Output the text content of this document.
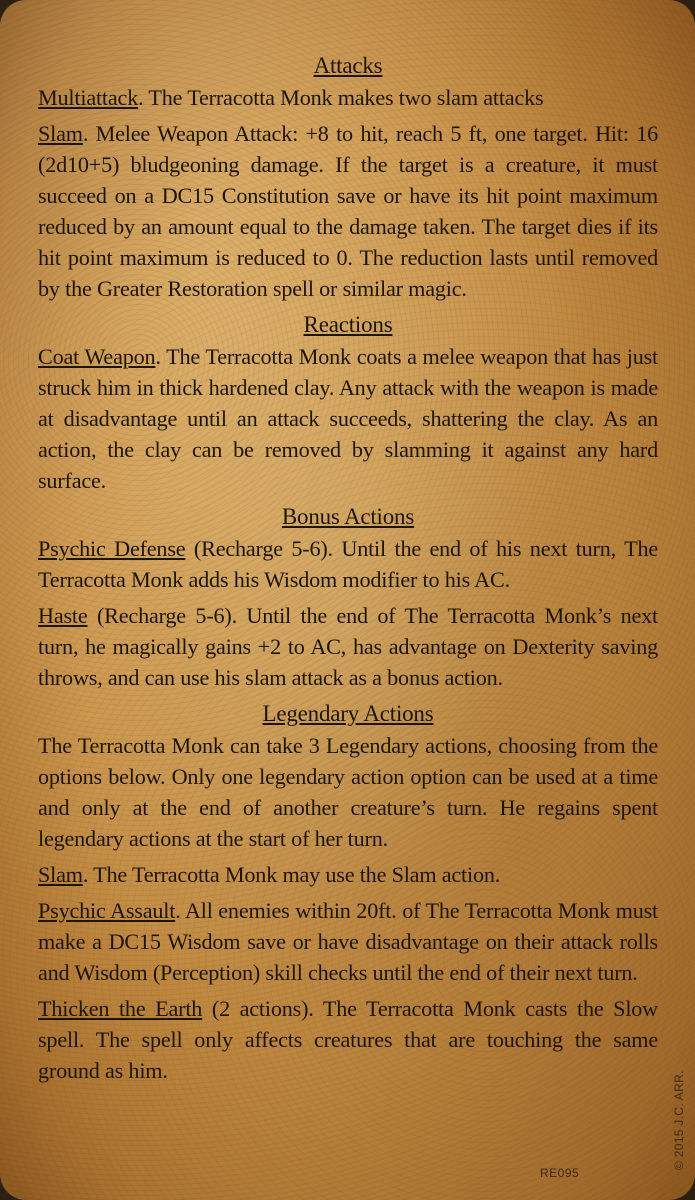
Attacks

Multiattack. The Terracotta Monk makes two slam attacks

Slam. Melee Weapon Attack: +8 to hit, reach 5 ft, one target. Hit: 16 (2d10+5) bludgeoning damage. If the target is a creature, it must succeed on a DC15 Constitution save or have its hit point maximum reduced by an amount equal to the damage taken. The target dies if its hit point maximum is reduced to 0. The reduction lasts until removed by the Greater Restoration spell or similar magic.

Reactions

Coat Weapon. The Terracotta Monk coats a melee weapon that has just struck him in thick hardened clay. Any attack with the weapon is made at disadvantage until an attack succeeds, shattering the clay. As an action, the clay can be removed by slamming it against any hard surface.

Bonus Actions

Psychic Defense (Recharge 5-6). Until the end of his next turn, The Terracotta Monk adds his Wisdom modifier to his AC.

Haste (Recharge 5-6). Until the end of The Terracotta Monk’s next turn, he magically gains +2 to AC, has advantage on Dexterity saving throws, and can use his slam attack as a bonus action.

Legendary Actions

The Terracotta Monk can take 3 Legendary actions, choosing from the options below. Only one legendary action option can be used at a time and only at the end of another creature’s turn. He regains spent legendary actions at the start of her turn.

Slam. The Terracotta Monk may use the Slam action.

Psychic Assault. All enemies within 20ft. of The Terracotta Monk must make a DC15 Wisdom save or have disadvantage on their attack rolls and Wisdom (Perception) skill checks until the end of their next turn.

Thicken the Earth (2 actions). The Terracotta Monk casts the Slow spell. The spell only affects creatures that are touching the same ground as him.

RE095
© 2015 J.C. ARR.
